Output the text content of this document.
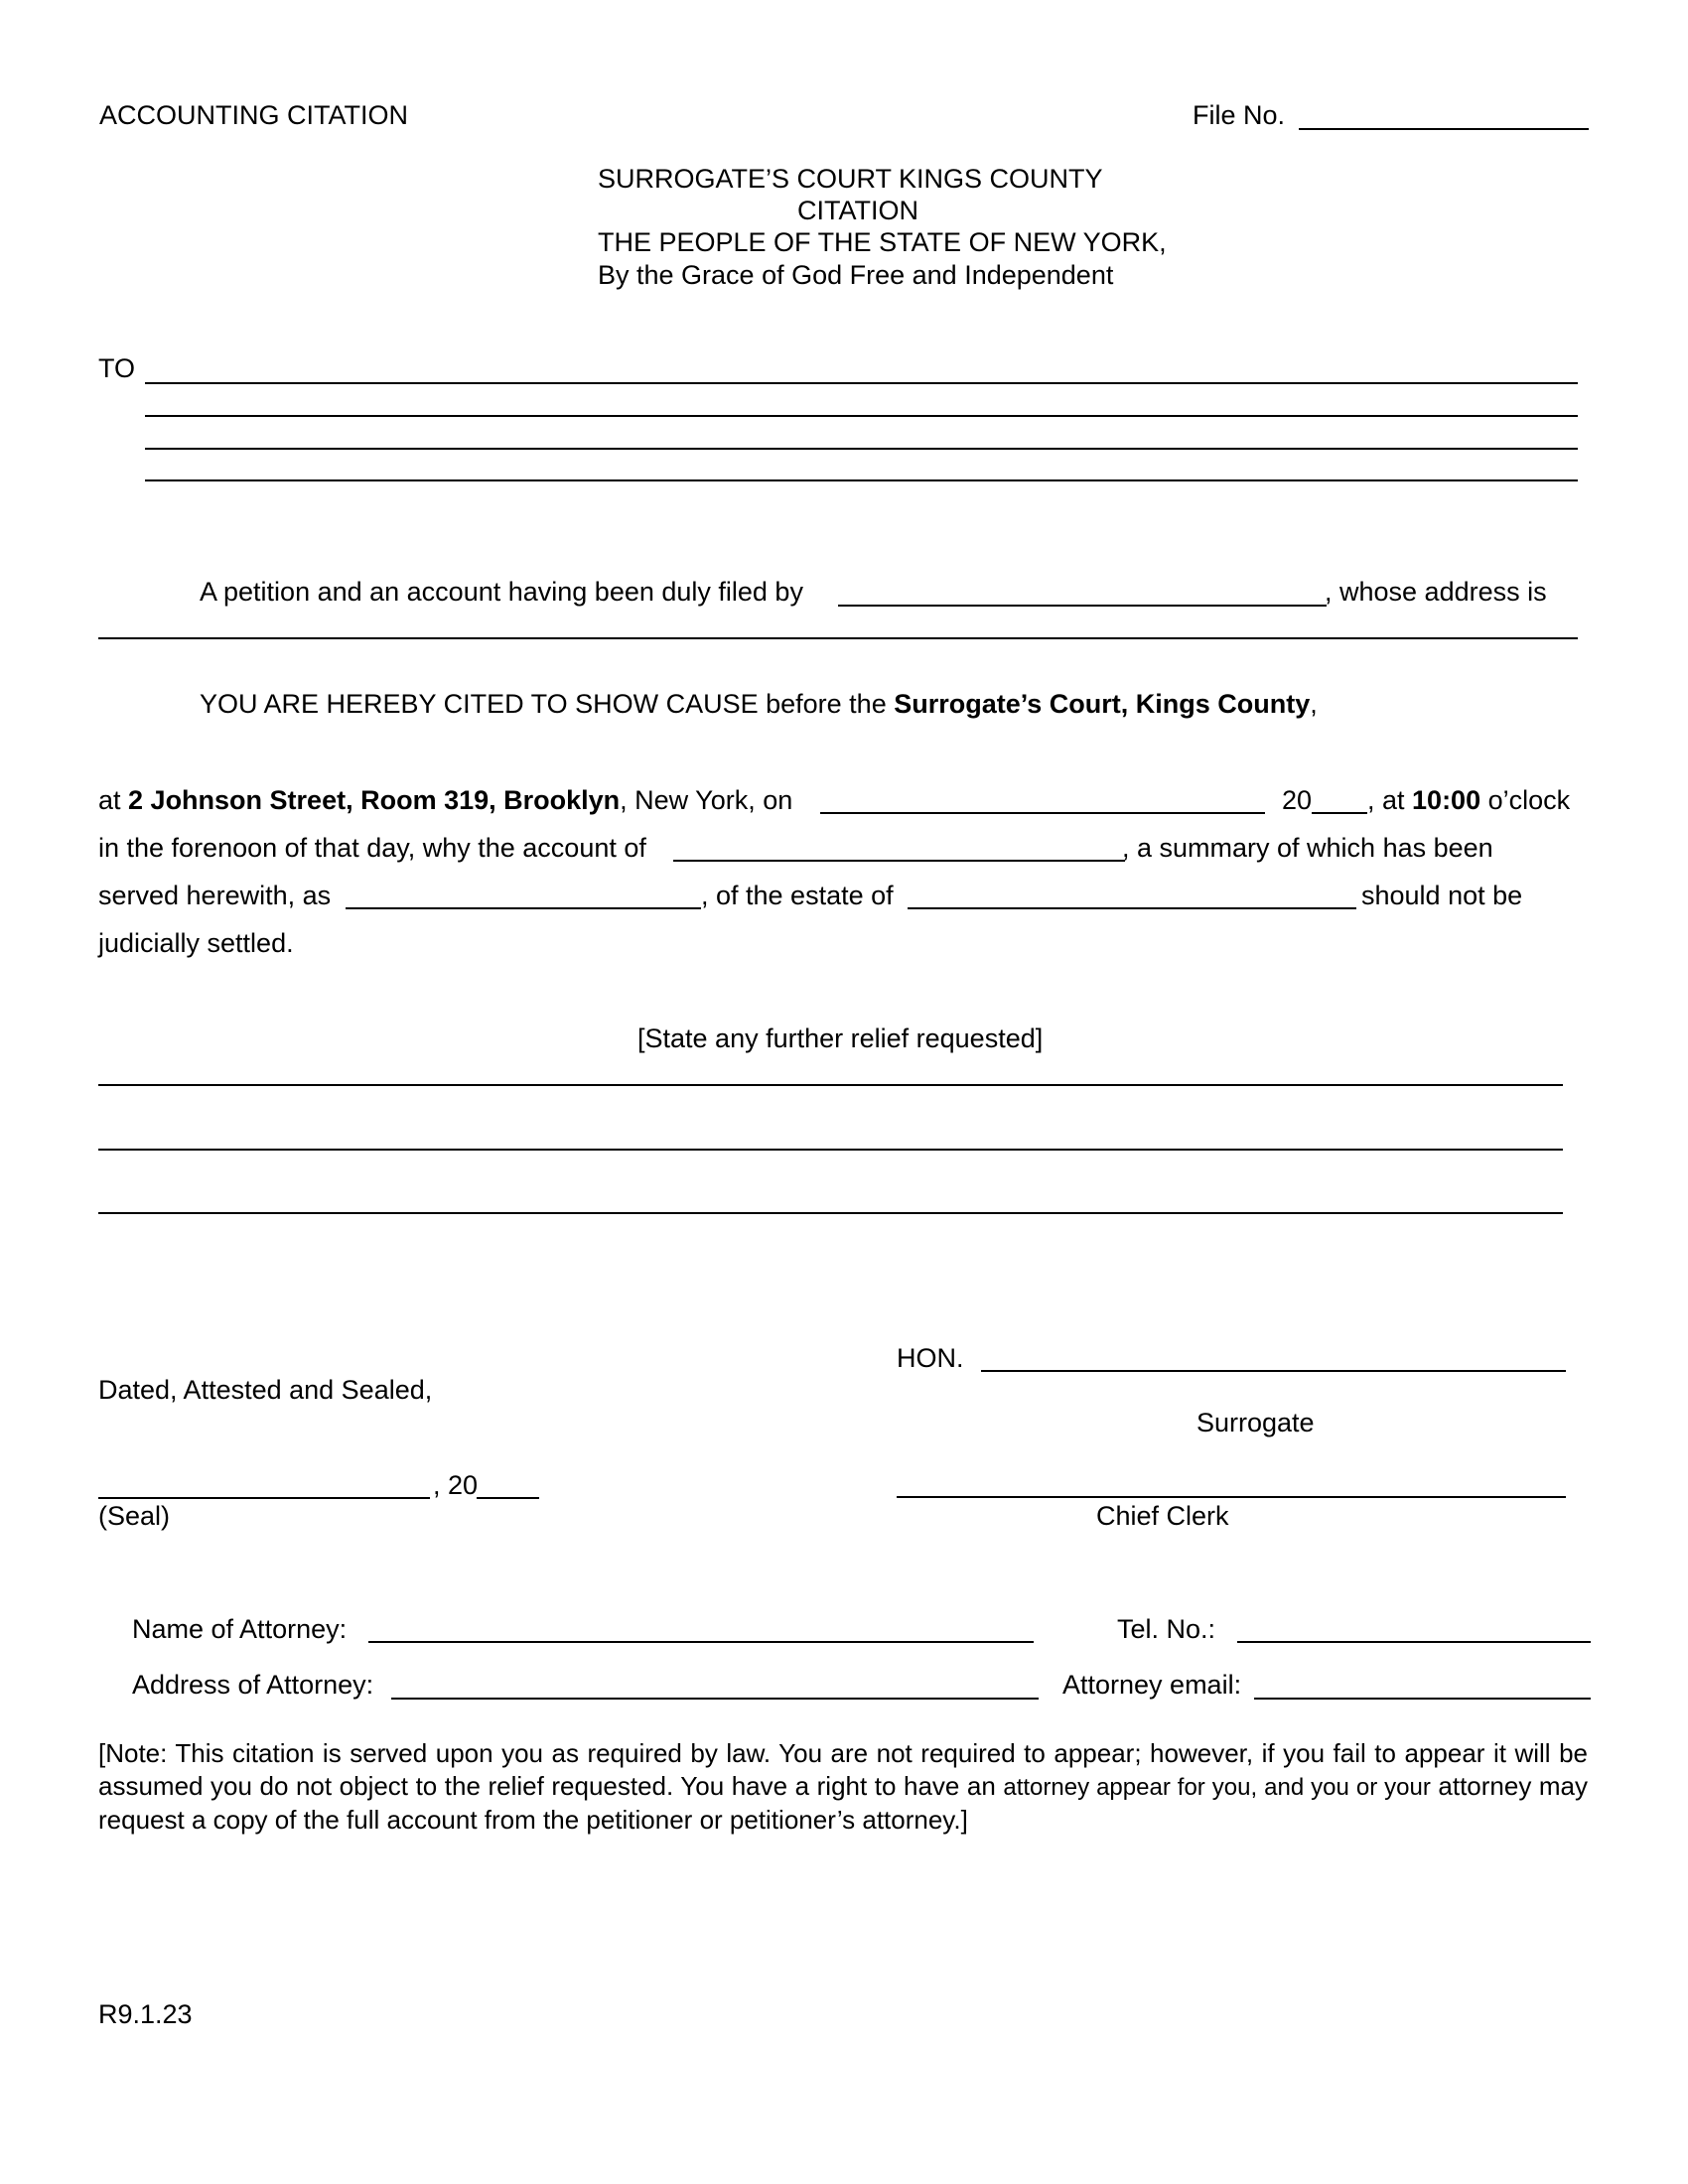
ACCOUNTING CITATION	File No.
SURROGATE’S COURT KINGS COUNTY
CITATION
THE PEOPLE OF THE STATE OF NEW YORK,
By the Grace of God Free and Independent
TO
A petition and an account having been duly filed by	, whose address is
YOU ARE HEREBY CITED TO SHOW CAUSE before the Surrogate’s Court, Kings County,
at 2 Johnson Street, Room 319, Brooklyn, New York, on	20 , at 10:00 o’clock
in the forenoon of that day, why the account of	, a summary of which has been
served herewith, as	, of the estate of	should not be
judicially settled.
[State any further relief requested]
HON.
Dated, Attested and Sealed,
Surrogate
, 20
(Seal)	Chief Clerk
Name of Attorney:	Tel. No.:
Address of Attorney:	Attorney email:
[Note: This citation is served upon you as required by law. You are not required to appear; however, if you fail to appear it will be assumed you do not object to the relief requested. You have a right to have an attorney appear for you, and you or your attorney may request a copy of the full account from the petitioner or petitioner’s attorney.]
R9.1.23
